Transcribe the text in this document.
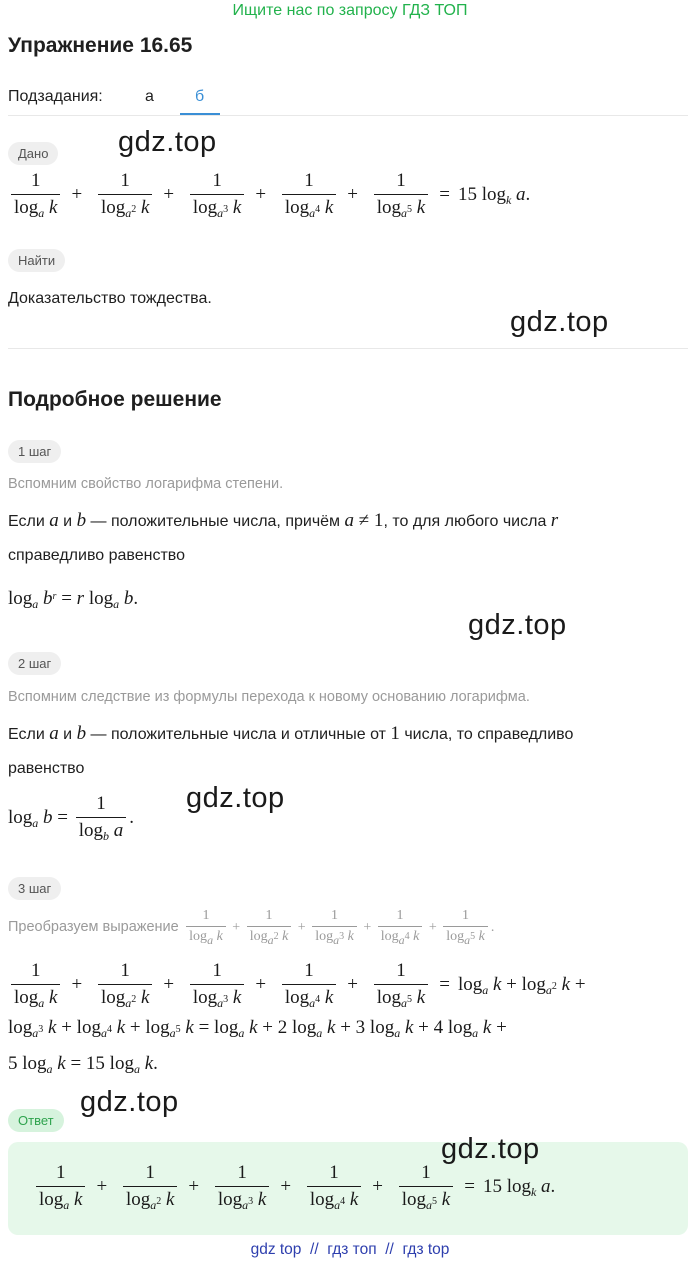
Ищите нас по запросу ГДЗ ТОП
Упражнение 16.65
Подзадания:	а	б
Дано	gdz.top
$\frac{1}{\log_a k} + \frac{1}{\log_{a^2} k} + \frac{1}{\log_{a^3} k} + \frac{1}{\log_{a^4} k} + \frac{1}{\log_{a^5} k} = 15$ $\log_k a$.
Найти
Доказательство тождества.
gdz.top
Подробное решение
1 шаг
Вспомним свойство логарифма степени.
Если a и b — положительные числа, причём a ≠ 1, то для любого числа r
справедливо равенство
$\log_a b^r = r$ $\log_a b$.
gdz.top
2 шаг
Вспомним следствие из формулы перехода к новому основанию логарифма.
Если a и b — положительные числа и отличные от 1 числа, то справедливо
равенство
$\log_a b = \frac{1}{\log_b a}$ .
gdz.top
3 шаг
Преобразуем выражение $\frac{1}{\log_a k} + \frac{1}{\log_{a^2} k} + \frac{1}{\log_{a^3} k} + \frac{1}{\log_{a^4} k} + \frac{1}{\log_{a^5} k}$ .
$\frac{1}{\log_a k} + \frac{1}{\log_{a^2} k} + \frac{1}{\log_{a^3} k} + \frac{1}{\log_{a^4} k} + \frac{1}{\log_{a^5} k} = \log_a k + \log_{a^2} k$ +
$\log_{a^3} k + \log_{a^4} k + \log_{a^5} k = \log_a k + 2$ $\log_a k + 3$ $\log_a k + 4$ $\log_a k$ +
5 $\log_a k = 15$ $\log_a k$.
gdz.top
Ответ
gdz.top
$\frac{1}{\log_a k} + \frac{1}{\log_{a^2} k} + \frac{1}{\log_{a^3} k} + \frac{1}{\log_{a^4} k} + \frac{1}{\log_{a^5} k} = 15$ $\log_k a$.
gdz top  //  гдз топ  //  гдз top
